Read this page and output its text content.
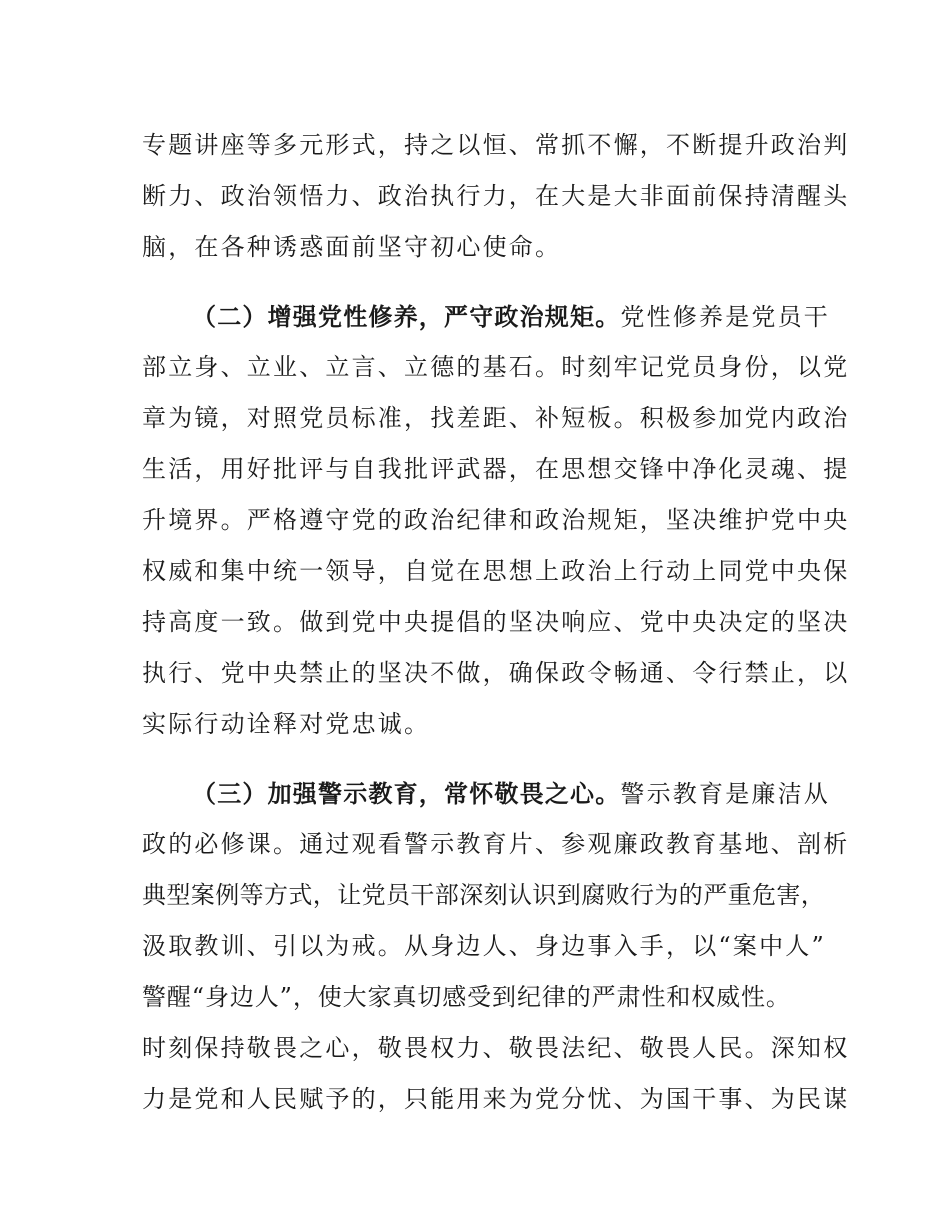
专题讲座等多元形式，持之以恒、常抓不懈，不断提升政治判
断力、政治领悟力、政治执行力，在大是大非面前保持清醒头
脑，在各种诱惑面前坚守初心使命。
（二）增强党性修养，严守政治规矩。党性修养是党员干
部立身、立业、立言、立德的基石。时刻牢记党员身份，以党
章为镜，对照党员标准，找差距、补短板。积极参加党内政治
生活，用好批评与自我批评武器，在思想交锋中净化灵魂、提
升境界。严格遵守党的政治纪律和政治规矩，坚决维护党中央
权威和集中统一领导，自觉在思想上政治上行动上同党中央保
持高度一致。做到党中央提倡的坚决响应、党中央决定的坚决
执行、党中央禁止的坚决不做，确保政令畅通、令行禁止，以
实际行动诠释对党忠诚。
（三）加强警示教育，常怀敬畏之心。警示教育是廉洁从
政的必修课。通过观看警示教育片、参观廉政教育基地、剖析
典型案例等方式，让党员干部深刻认识到腐败行为的严重危害，
汲取教训、引以为戒。从身边人、身边事入手，以“案中人”
警醒“身边人”，使大家真切感受到纪律的严肃性和权威性。
时刻保持敬畏之心，敬畏权力、敬畏法纪、敬畏人民。深知权
力是党和人民赋予的，只能用来为党分忧、为国干事、为民谋
